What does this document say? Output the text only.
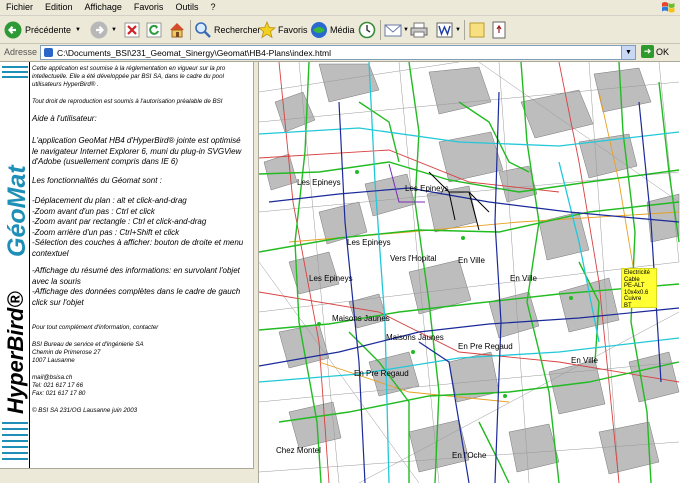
Fichier Edition Affichage Favoris Outils ?
Précédente ▼	▼	Rechercher Favoris Média	▼	▼
Adresse	C:\Documents_BSI\231_Geomat_Sinergy\Geomat\HB4-Plans\index.html	▼	➜ OK
GéoMat
HyperBird®

Cette application est soumise à la réglementation en vigueur sur la pro

intellectuelle. Elle a été développée par BSI SA, dans le cadre du pool

utilisateurs HyperBird® .

Tout droit de reproduction est soumis à l'autorisation préalable de BSI

Aide à l'utilisateur:

L'application GeoMat HB4 d'HyperBird® jointe est optimisé

le navigateur Internet Explorer 6, muni du plug-in SVGView

d'Adobe (usuellement compris dans IE 6)

Les fonctionnalités du Géomat sont :

-Déplacement du plan : alt et click-and-drag

-Zoom avant d'un pas : Ctrl et click

-Zoom avant par rectangle : Ctrl et click-and-drag

-Zoom arrière d'un pas : Ctrl+Shift et click

-Sélection des couches à afficher: bouton de droite et menu

contextuel

-Affichage du résumé des informations: en survolant l'objet

avec la souris

-Affichage des données complètes dans le cadre de gauch

click sur l'objet

Pour tout complément d'information, contacter

BSI Bureau de service et d'ingénierie SA

Chemin de Primerose 27

1007 Lausanne

mail@bsisa.ch

Tel: 021 617 17 66

Fax: 021 617 17 80

© BSI SA 231/OG Lausanne juin 2003

Les Epineys
Les Epineys
Les Epineys
Les Epineys
Vers l'Hopital	En Ville
En Ville
En Ville
Maisons Jaunes
Maisons Jaunes
En Pre Regaud
En Pre Regaud
Chez Montel
En l'Oche
Electricité
Cable
PE-ALT
10x4x0.6
Cuivre
BT
